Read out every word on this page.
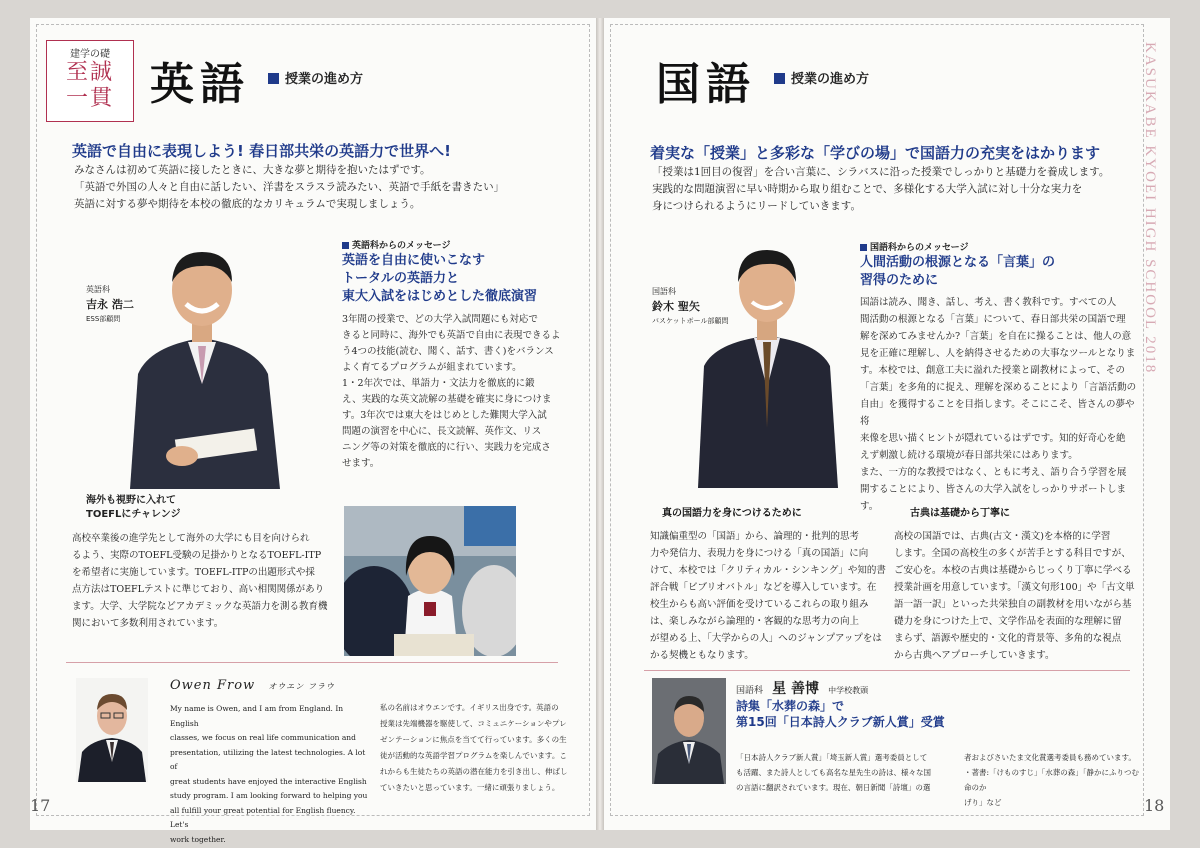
建学の礎
至誠
一貫 英語	授業の進め方
英語で自由に表現しよう! 春日部共栄の英語力で世界へ!

みなさんは初めて英語に接したときに、大きな夢と期待を抱いたはずです。

「英語で外国の人々と自由に話したい、洋書をスラスラ読みたい、英語で手紙を書きたい」

英語に対する夢や期待を本校の徹底的なカリキュラムで実現しましょう。

英語科
吉永 浩二
ESS部顧問
英語科からのメッセージ
英語を自由に使いこなす
トータルの英語力と
東大入試をはじめとした徹底演習

3年間の授業で、どの大学入試問題にも対応で

きると同時に、海外でも英語で自由に表現できるよ

う4つの技能(読む、聞く、話す、書く)をバランス

よく育てるプログラムが組まれています。

1・2年次では、単語力・文法力を徹底的に鍛

え、実践的な英文読解の基礎を確実に身につけま

す。3年次では東大をはじめとした難関大学入試

問題の演習を中心に、長文読解、英作文、リス

ニング等の対策を徹底的に行い、実践力を完成さ

せます。

海外も視野に入れて
TOEFLにチャレンジ

高校卒業後の進学先として海外の大学にも目を向けられ

るよう、実際のTOEFL受験の足掛かりとなるTOEFL-ITP

を希望者に実施しています。TOEFL-ITPの出題形式や採

点方法はTOEFLテストに準じており、高い相関関係があり

ます。大学、大学院などアカデミックな英語力を測る教育機

関において多数利用されています。

Owen Frow オウエン フラウ
My name is Owen, and I am from England. In English
classes, we focus on real life communication and
presentation, utilizing the latest technologies. A lot of
great students have enjoyed the interactive English
study program. I am looking forward to helping you
all fulfill your great potential for English fluency. Let's
work together.
私の名前はオウエンです。イギリス出身です。英語の
授業は先端機器を駆使して、コミュニケーションやプレ
ゼンテーションに焦点を当てて行っています。多くの生
徒が活動的な英語学習プログラムを楽しんでいます。こ
れからも生徒たちの英語の潜在能力を引き出し、伸ばし
ていきたいと思っています。一緒に頑張りましょう。
17
国語	授業の進め方	KASUKABE KYOEI HIGH SCHOOL 2018
着実な「授業」と多彩な「学びの場」で国語力の充実をはかります

「授業は1回目の復習」を合い言葉に、シラバスに沿った授業でしっかりと基礎力を養成します。

実践的な問題演習に早い時期から取り組むことで、多様化する大学入試に対し十分な実力を

身につけられるようにリードしていきます。

国語科
鈴木 聖矢
バスケットボール部顧問
国語科からのメッセージ
人間活動の根源となる「言葉」の
習得のために

国語は読み、聞き、話し、考え、書く教科です。すべての人

間活動の根源となる「言葉」について、春日部共栄の国語で理

解を深めてみませんか?「言葉」を自在に操ることは、他人の意

見を正確に理解し、人を納得させるための大事なツールとなりま

す。本校では、創意工夫に溢れた授業と副教材によって、その

「言葉」を多角的に捉え、理解を深めることにより「言語活動の

自由」を獲得することを目指します。そこにこそ、皆さんの夢や将

来像を思い描くヒントが隠れているはずです。知的好奇心を絶

えず刺激し続ける環境が春日部共栄にはあります。

また、一方的な教授ではなく、ともに考え、語り合う学習を展

開することにより、皆さんの大学入試をしっかりサポートします。

真の国語力を身につけるために

知識偏重型の「国語」から、論理的・批判的思考

力や発信力、表現力を身につける「真の国語」に向

けて、本校では「クリティカル・シンキング」や知的書

評合戦「ビブリオバトル」などを導入しています。在

校生からも高い評価を受けているこれらの取り組み

は、楽しみながら論理的・客観的な思考力の向上

が望める上、「大学からの人」へのジャンプアップをは

かる契機ともなります。

古典は基礎から丁寧に

高校の国語では、古典(古文・漢文)を本格的に学習

します。全国の高校生の多くが苦手とする科目ですが、

ご安心を。本校の古典は基礎からじっくり丁寧に学べる

授業計画を用意しています。「漢文句形100」や「古文単

語一語一訳」といった共栄独自の副教材を用いながら基

礎力を身につけた上で、文学作品を表面的な理解に留

まらず、語源や歴史的・文化的背景等、多角的な視点

から古典へアプローチしていきます。

国語科 星 善博 中学校教頭
詩集「水葬の森」で
第15回「日本詩人クラブ新人賞」受賞
「日本詩人クラブ新人賞」「埼玉新人賞」選考委員として
も活躍、また詩人としても高名な星先生の詩は、様々な国
の言語に翻訳されています。現在、朝日新聞「詩壇」の選
者およびさいたま文化賞選考委員も務めています。
・著書:「けものすじ」「水葬の森」「静かにふりつむ命のか
げり」など	18
